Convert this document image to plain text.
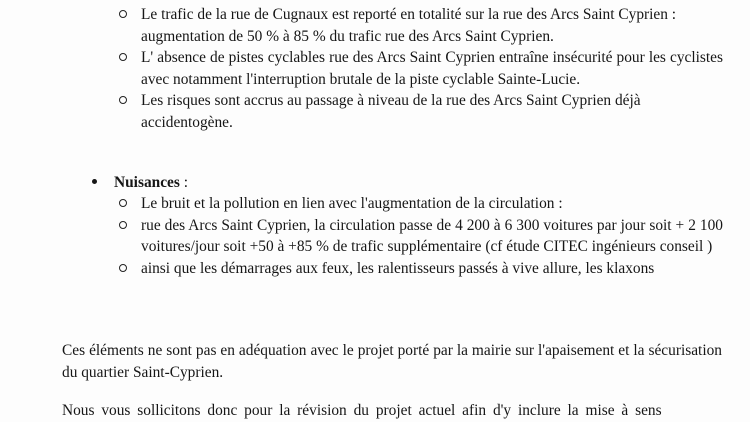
Le trafic de la rue de Cugnaux est reporté en totalité sur la rue des Arcs Saint Cyprien : augmentation de 50 % à 85 % du trafic rue des Arcs Saint Cyprien.
L' absence de pistes cyclables rue des Arcs Saint Cyprien entraîne insécurité pour les cyclistes avec notamment l'interruption brutale de la piste cyclable Sainte-Lucie.
Les risques sont accrus au passage à niveau de la rue des Arcs Saint Cyprien déjà accidentogène.
Nuisances :
Le bruit et la pollution en lien avec l'augmentation de la circulation :
rue des Arcs Saint Cyprien, la circulation passe de 4 200 à 6 300 voitures par jour soit + 2 100 voitures/jour soit +50 à +85 % de trafic supplémentaire (cf étude CITEC ingénieurs conseil )
ainsi que les démarrages aux feux, les ralentisseurs passés à vive allure, les klaxons

Ces éléments ne sont pas en adéquation avec le projet porté par la mairie sur l'apaisement et la sécurisation du quartier Saint-Cyprien.

Nous vous sollicitons donc pour la révision du projet actuel afin d'y inclure la mise à sens
